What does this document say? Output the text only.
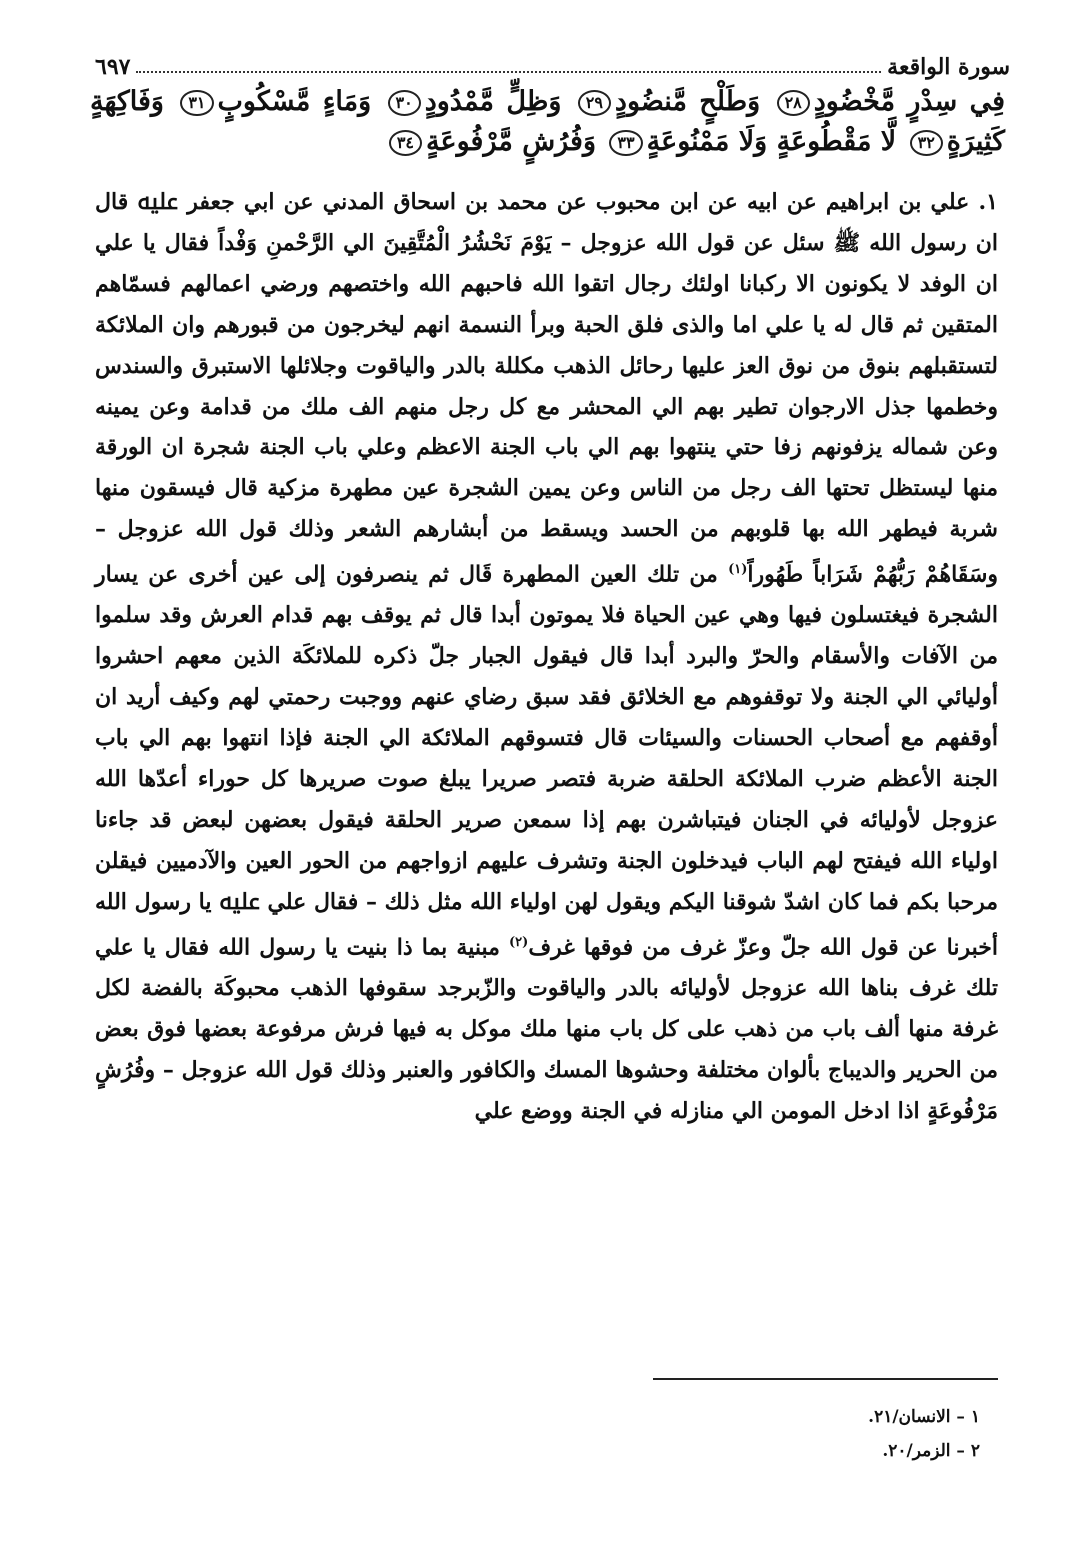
سورة الواقعة
٦٩٧
فِي سِدْرٍ مَّخْضُودٍ٢٨ وَطَلْحٍ مَّنضُودٍ٢٩ وَظِلٍّ مَّمْدُودٍ٣٠ وَمَاءٍ مَّسْكُوبٍ٣١ وَفَاكِهَةٍ كَثِيرَةٍ٣٢ لَّا مَقْطُوعَةٍ وَلَا مَمْنُوعَةٍ٣٣ وَفُرُشٍ مَّرْفُوعَةٍ٣٤

١. علي بن ابراهيم عن ابيه عن ابن محبوب عن محمد بن اسحاق المدني عن ابي جعفر ﷷ قال ان رسول الله ﷺ سئل عن قول الله عزوجل – يَوْمَ نَحْشُرُ الْمُتَّقِينَ الي الرَّحْمنِ وَفْداً فقال يا علي ان الوفد لا يكونون الا ركبانا اولئك رجال اتقوا الله فاحبهم الله واختصهم ورضي اعمالهم فسمّاهم المتقين ثم قال له يا علي اما والذى فلق الحبة وبرأ النسمة انهم ليخرجون من قبورهم وان الملائكة لتستقبلهم بنوق من نوق العز عليها رحائل الذهب مكللة بالدر والياقوت وجلائلها الاستبرق والسندس وخطمها جذل الارجوان تطير بهم الي المحشر مع كل رجل منهم الف ملك من قدامة وعن يمينه وعن شماله يزفونهم زفا حتي ينتهوا بهم الي باب الجنة الاعظم وعلي باب الجنة شجرة ان الورقة منها ليستظل تحتها الف رجل من الناس وعن يمين الشجرة عين مطهرة مزكية قال فيسقون منها شربة فيطهر الله بها قلوبهم من الحسد ويسقط من أبشارهم الشعر وذلك قول الله عزوجل – وسَقَاهُمْ رَبُّهُمْ شَرَاباً طَهُوراً$^{(١)}$ من تلك العين المطهرة قَال ثم ينصرفون إلى عين أخرى عن يسار الشجرة فيغتسلون فيها وهي عين الحياة فلا يموتون أبدا قال ثم يوقف بهم قدام العرش وقد سلموا من الآفات والأسقام والحرّ والبرد أبدا قال فيقول الجبار جلّ ذكره للملائكَة الذين معهم احشروا أوليائي الي الجنة ولا توقفوهم مع الخلائق فقد سبق رضاي عنهم ووجبت رحمتي لهم وكيف أريد ان أوقفهم مع أصحاب الحسنات والسيئات قال فتسوقهم الملائكة الي الجنة فإذا انتهوا بهم الي باب الجنة الأعظم ضرب الملائكة الحلقة ضربة فتصر صريرا يبلغ صوت صريرها كل حوراء أعدّها الله عزوجل لأوليائه في الجنان فيتباشرن بهم إذا سمعن صرير الحلقة فيقول بعضهن لبعض قد جاءنا اولياء الله فيفتح لهم الباب فيدخلون الجنة وتشرف عليهم ازواجهم من الحور العين والآدميين فيقلن مرحبا بكم فما كان اشدّ شوقنا اليكم ويقول لهن اولياء الله مثل ذلك – فقال علي ﷷ يا رسول الله أخبرنا عن قول الله جلّ وعزّ غرف من فوقها غرف$^{(٢)}$ مبنية بما ذا بنيت يا رسول الله فقال يا علي تلك غرف بناها الله عزوجل لأوليائه بالدر والياقوت والزّبرجد سقوفها الذهب محبوكَة بالفضة لكل غرفة منها ألف باب من ذهب على كل باب منها ملك موكل به فيها فرش مرفوعة بعضها فوق بعض من الحرير والديباج بألوان مختلفة وحشوها المسك والكافور والعنبر وذلك قول الله عزوجل – وفُرُشٍ مَرْفُوعَةٍ اذا ادخل المومن الي منازله في الجنة ووضع علي

١ – الانسان/٢١.
٢ – الزمر/٢٠.
